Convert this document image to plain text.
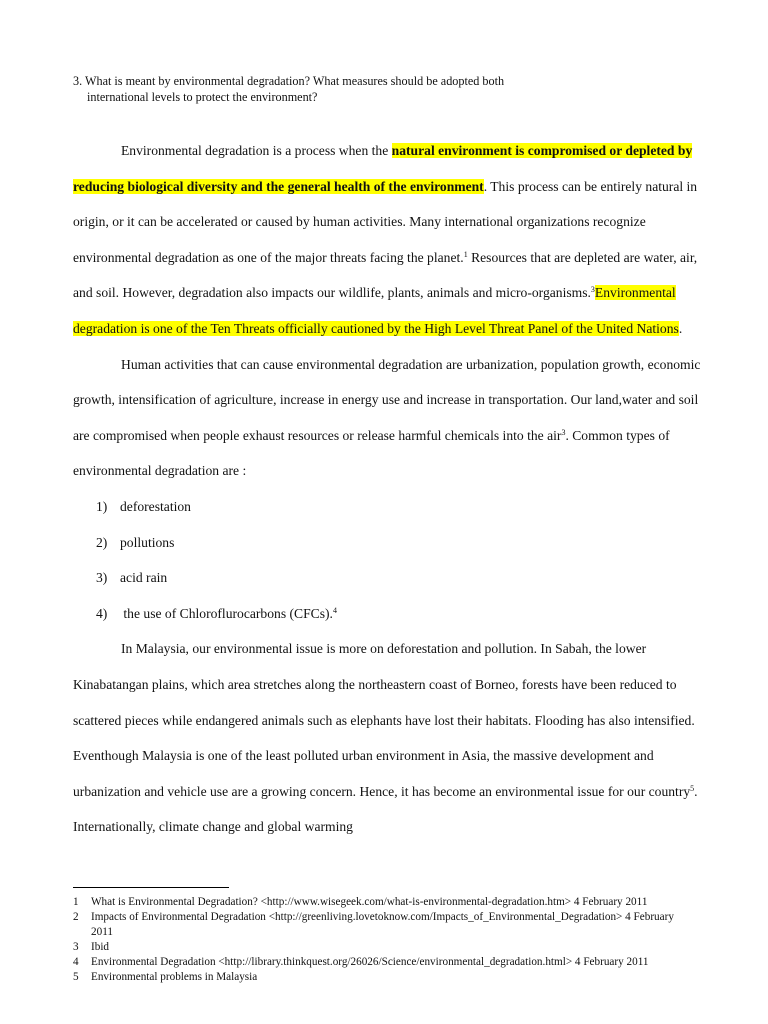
3. What is meant by environmental degradation? What measures should be adopted both
international levels to protect the environment?

Environmental degradation is a process when the natural environment is compromised or depleted by reducing biological diversity and the general health of the environment. This process can be entirely natural in origin, or it can be accelerated or caused by human activities. Many international organizations recognize environmental degradation as one of the major threats facing the planet.$^1$ Resources that are depleted are water, air, and soil. However, degradation also impacts our wildlife, plants, animals and micro-organisms.$^3$Environmental degradation is one of the Ten Threats officially cautioned by the High Level Threat Panel of the United Nations.

Human activities that can cause environmental degradation are urbanization, population growth, economic growth, intensification of agriculture, increase in energy use and increase in transportation. Our land,water and soil are compromised when people exhaust resources or release harmful chemicals into the air$^3$. Common types of environmental degradation are :

1) deforestation
2) pollutions
3) acid rain
4) the use of Chloroflurocarbons (CFCs).$^4$

In Malaysia, our environmental issue is more on deforestation and pollution. In Sabah, the lower Kinabatangan plains, which area stretches along the northeastern coast of Borneo, forests have been reduced to scattered pieces while endangered animals such as elephants have lost their habitats. Flooding has also intensified. Eventhough Malaysia is one of the least polluted urban environment in Asia, the massive development and urbanization and vehicle use are a growing concern. Hence, it has become an environmental issue for our country$^5$. Internationally, climate change and global warming

1	What is Environmental Degradation? <http://www.wisegeek.com/what-is-environmental-degradation.htm> 4 February 2011
2	Impacts of Environmental Degradation <http://greenliving.lovetoknow.com/Impacts_of_Environmental_Degradation> 4 February 2011
3	Ibid
4	Environmental Degradation <http://library.thinkquest.org/26026/Science/environmental_degradation.html> 4 February 2011
5	Environmental problems in Malaysia
